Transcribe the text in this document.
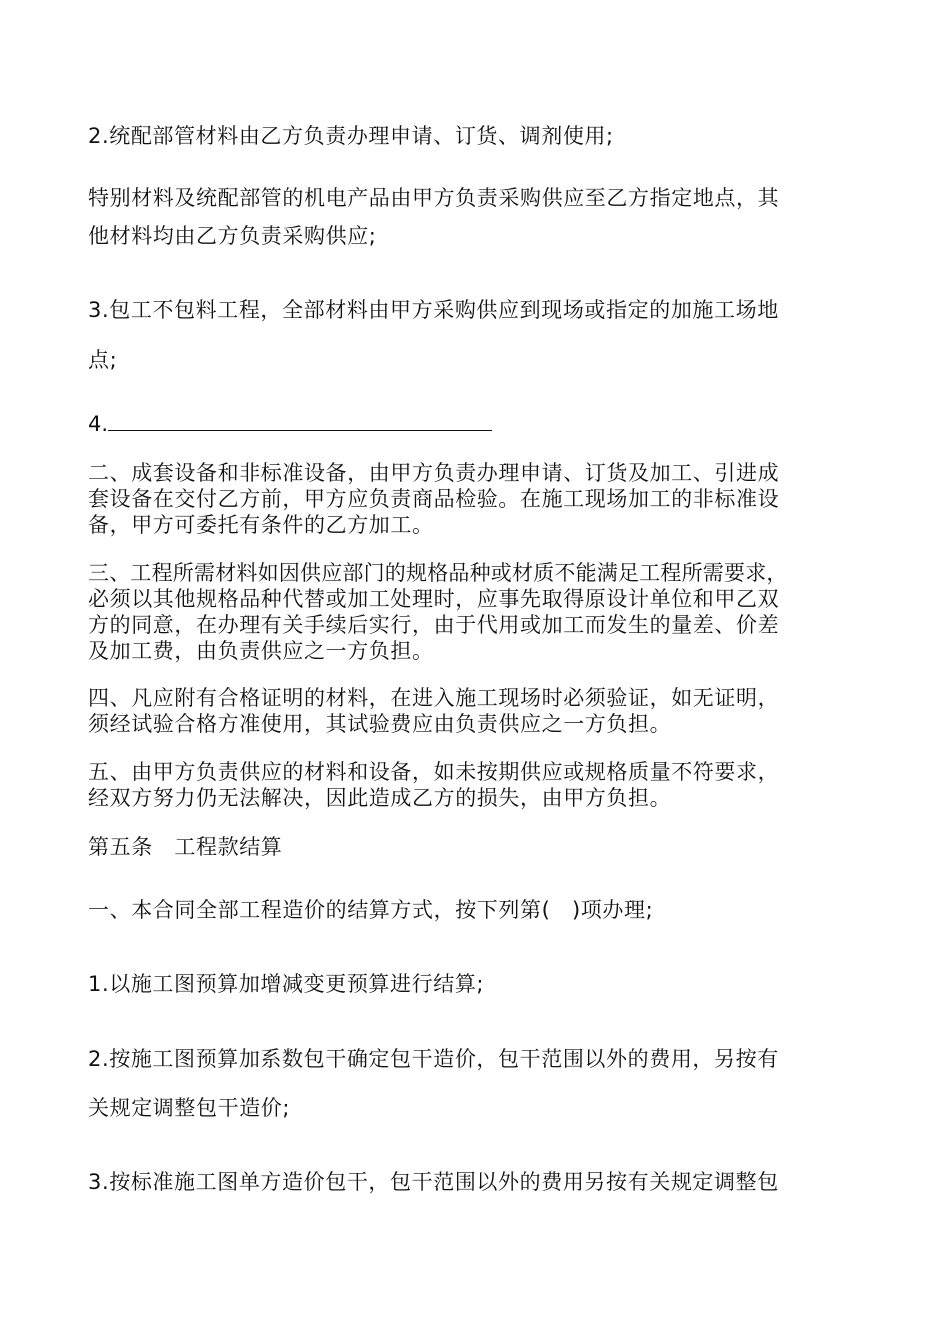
2.统配部管材料由乙方负责办理申请、订货、调剂使用;

特别材料及统配部管的机电产品由甲方负责采购供应至乙方指定地点，其

他材料均由乙方负责采购供应;

3.包工不包料工程，全部材料由甲方采购供应到现场或指定的加施工场地

点;

4.

二、成套设备和非标准设备，由甲方负责办理申请、订货及加工、引进成

套设备在交付乙方前，甲方应负责商品检验。在施工现场加工的非标准设

备，甲方可委托有条件的乙方加工。

三、工程所需材料如因供应部门的规格品种或材质不能满足工程所需要求，

必须以其他规格品种代替或加工处理时，应事先取得原设计单位和甲乙双

方的同意，在办理有关手续后实行，由于代用或加工而发生的量差、价差

及加工费，由负责供应之一方负担。

四、凡应附有合格证明的材料，在进入施工现场时必须验证，如无证明，

须经试验合格方准使用，其试验费应由负责供应之一方负担。

五、由甲方负责供应的材料和设备，如未按期供应或规格质量不符要求，

经双方努力仍无法解决，因此造成乙方的损失，由甲方负担。

第五条　工程款结算

一、本合同全部工程造价的结算方式，按下列第(　)项办理;

1.以施工图预算加增减变更预算进行结算;

2.按施工图预算加系数包干确定包干造价，包干范围以外的费用，另按有

关规定调整包干造价;

3.按标准施工图单方造价包干，包干范围以外的费用另按有关规定调整包
